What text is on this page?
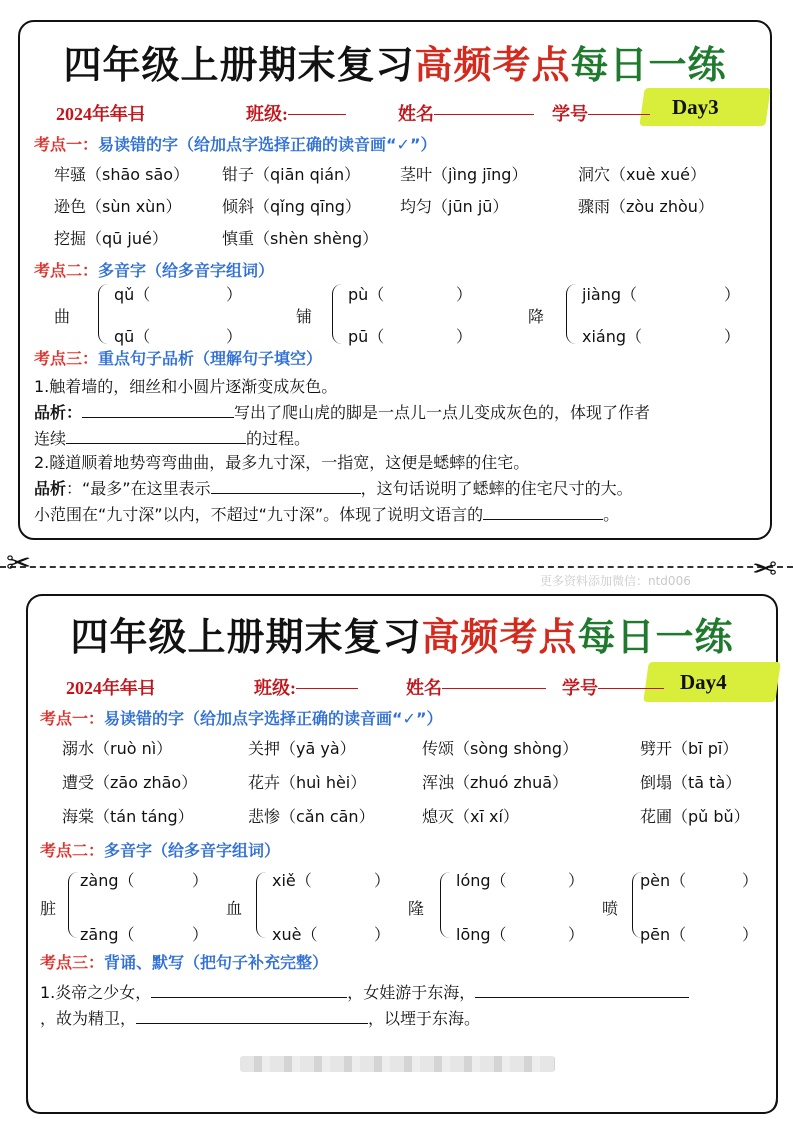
四年级上册期末复习高频考点每日一练
Day3
2024年
年
日	班级:	姓名	学号
考点一：易读错的字（给加点字选择正确的读音画“✓”）
牢骚（shāo sāo） 钳子（qiān qián） 茎叶（jìng jīng）	洞穴（xuè xué）
逊色（sùn xùn）	倾斜（qǐng qīng） 均匀（jūn jū）	骤雨（zòu zhòu）
挖掘（qū jué）	慎重（shèn shèng）
考点二：多音字（给多音字组词）
曲
qǔ（	）
qū（	）
铺
pù（	）
pū（	）
降
jiàng（	）
xiáng（	）
考点三：重点句子品析（理解句子填空）
1.触着墙的，细丝和小圆片逐渐变成灰色。
品析：	写出了爬山虎的脚是一点儿一点儿变成灰色的，体现了作者
连续	的过程。
2.隧道顺着地势弯弯曲曲，最多九寸深，一指宽，这便是蟋蟀的住宅。
品析：“最多”在这里表示	，这句话说明了蟋蟀的住宅尺寸的大。
小范围在“九寸深”以内，不超过“九寸深”。体现了说明文语言的	。
✂	✂
更多资料添加微信：ntd006
四年级上册期末复习高频考点每日一练
Day4
2024年
年
日	班级:	姓名	学号
考点一：易读错的字（给加点字选择正确的读音画“✓”）
溺水（ruò nì）	关押（yā yà）	传颂（sòng shòng）	劈开（bī pī）
遭受（zāo zhāo）	花卉（huì hèi）	浑浊（zhuó zhuā）	倒塌（tā tà）
海棠（tán táng）	悲惨（cǎn cān）	熄灭（xī xí）	花圃（pǔ bǔ）
考点二：多音字（给多音字组词）
脏
zàng（	）
zāng（	）
血
xiě（	）
xuè（	）
隆
lóng（	）
lōng（	）
喷
pèn（	）
pēn（	）
考点三：背诵、默写（把句子补充完整）
1.炎帝之少女，	，女娃游于东海，
，故为精卫，	，以堙于东海。
